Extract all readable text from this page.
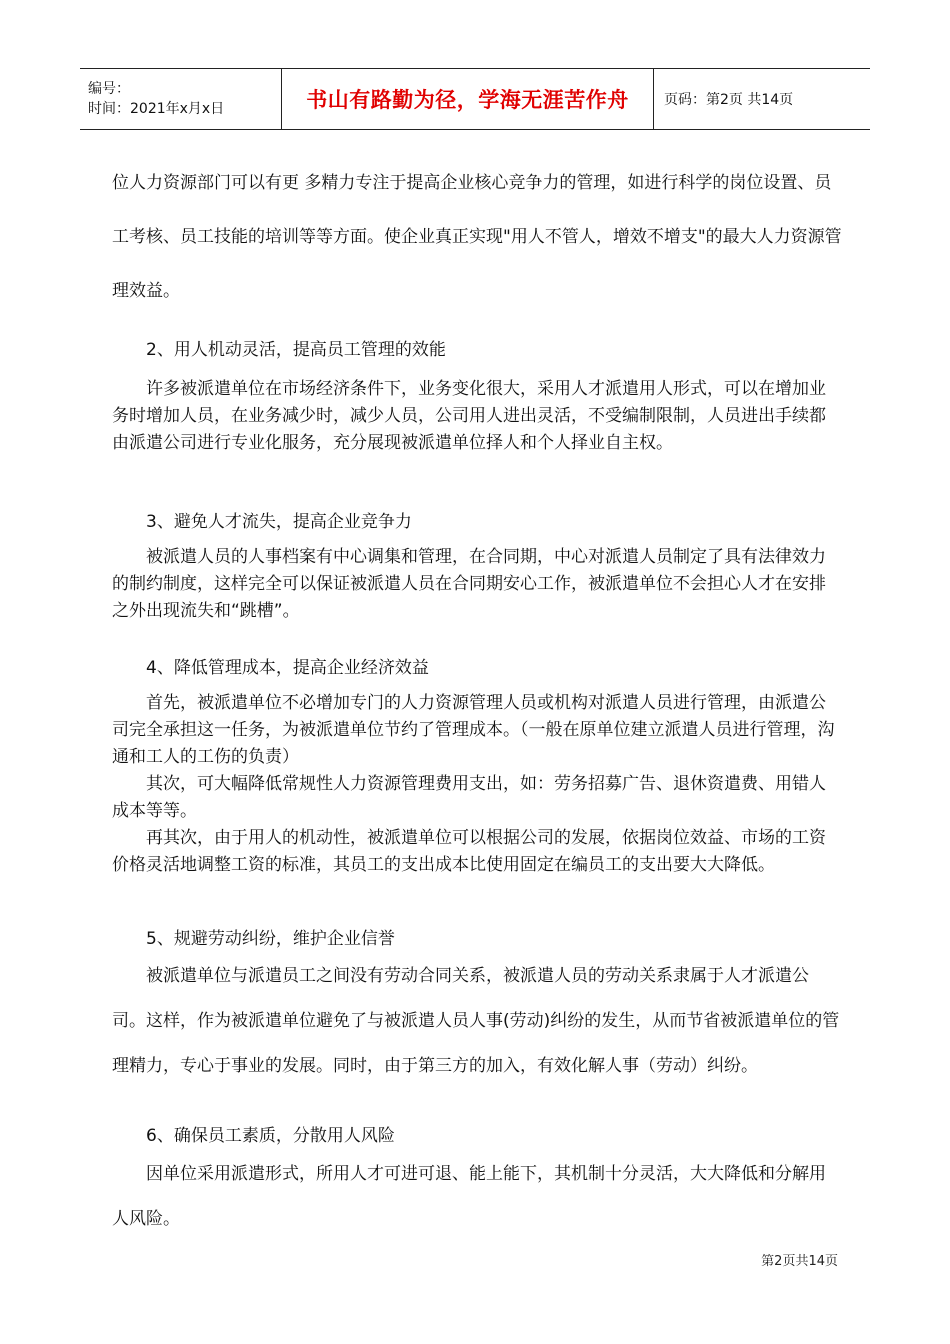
编号：
时间：2021年x月x日	书山有路勤为径，学海无涯苦作舟	页码：第2页 共14页

位人力资源部门可以有更 多精力专注于提高企业核心竞争力的管理，如进行科学的岗位设置、员工考核、员工技能的培训等等方面。使企业真正实现"用人不管人，增效不增支"的最大人力资源管理效益。

2、用人机动灵活，提高员工管理的效能

许多被派遣单位在市场经济条件下，业务变化很大，采用人才派遣用人形式，可以在增加业务时增加人员，在业务减少时，减少人员，公司用人进出灵活，不受编制限制，人员进出手续都由派遣公司进行专业化服务，充分展现被派遣单位择人和个人择业自主权。

3、避免人才流失，提高企业竞争力

被派遣人员的人事档案有中心调集和管理，在合同期，中心对派遣人员制定了具有法律效力的制约制度，这样完全可以保证被派遣人员在合同期安心工作，被派遣单位不会担心人才在安排之外出现流失和“跳槽”。

4、降低管理成本，提高企业经济效益

首先，被派遣单位不必增加专门的人力资源管理人员或机构对派遣人员进行管理，由派遣公司完全承担这一任务，为被派遣单位节约了管理成本。（一般在原单位建立派遣人员进行管理，沟通和工人的工伤的负责）

其次，可大幅降低常规性人力资源管理费用支出，如：劳务招募广告、退休资遣费、用错人成本等等。

再其次，由于用人的机动性，被派遣单位可以根据公司的发展，依据岗位效益、市场的工资价格灵活地调整工资的标准，其员工的支出成本比使用固定在编员工的支出要大大降低。

5、规避劳动纠纷，维护企业信誉

被派遣单位与派遣员工之间没有劳动合同关系，被派遣人员的劳动关系隶属于人才派遣公司。这样，作为被派遣单位避免了与被派遣人员人事(劳动)纠纷的发生，从而节省被派遣单位的管理精力，专心于事业的发展。同时，由于第三方的加入，有效化解人事（劳动）纠纷。

6、确保员工素质，分散用人风险

因单位采用派遣形式，所用人才可进可退、能上能下，其机制十分灵活，大大降低和分解用人风险。

第2页共14页
